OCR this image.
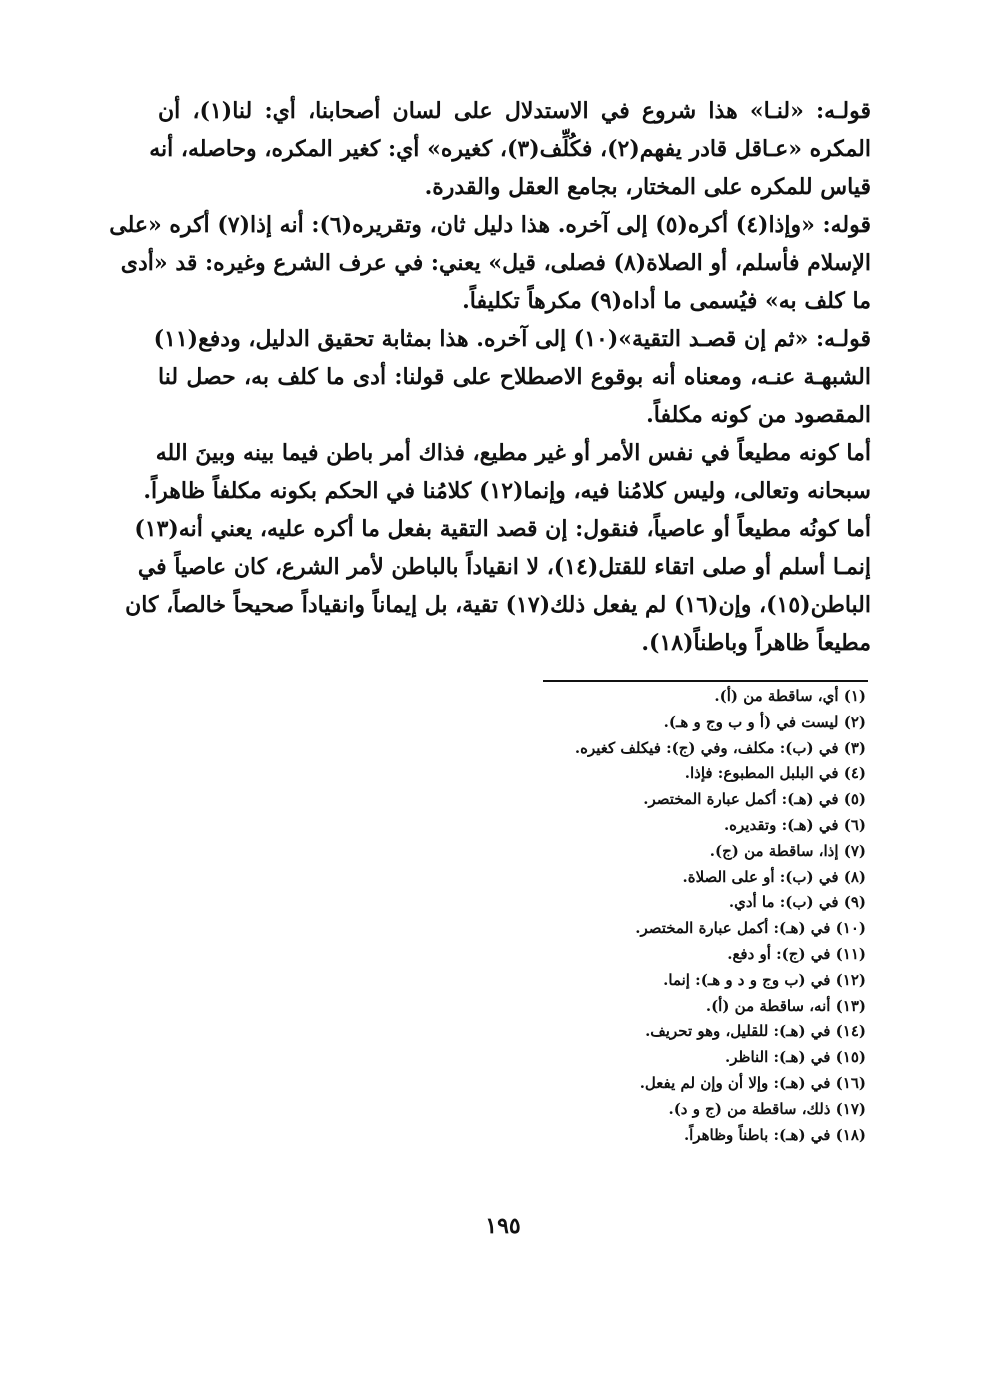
قولـه: «لنـا» هذا شروع في الاستدلال على لسان أصحابنا، أي: لنا(١)، أن
المكره «عـاقل قادر يفهم(٢)، فكُلِّف(٣)، كغيره» أي: كغير المكره، وحاصله، أنه
قياس للمكره على المختار، بجامع العقل والقدرة.
قوله: «وإذا(٤) أكره(٥) إلى آخره. هذا دليل ثان، وتقريره(٦): أنه إذا(٧) أكره «على
الإسلام فأسلم، أو الصلاة(٨) فصلى، قيل» يعني: في عرف الشرع وغيره: قد «أدى
ما كلف به» فيُسمى ما أداه(٩) مكرهاً تكليفاً.
قولـه: «ثم إن قصـد التقية»(١٠) إلى آخره. هذا بمثابة تحقيق الدليل، ودفع(١١)
الشبهـة عنـه، ومعناه أنه بوقوع الاصطلاح على قولنا: أدى ما كلف به، حصل لنا
المقصود من كونه مكلفاً.
أما كونه مطيعاً في نفس الأمر أو غير مطيع، فذاك أمر باطن فيما بينه وبينَ الله
سبحانه وتعالى، وليس كلامُنا فيه، وإنما(١٢) كلامُنا في الحكم بكونه مكلفاً ظاهراً.
أما كونُه مطيعاً أو عاصياً، فنقول: إن قصد التقية بفعل ما أكره عليه، يعني أنه(١٣)
إنمـا أسلم أو صلى اتقاء للقتل(١٤)، لا انقياداً بالباطن لأمر الشرع، كان عاصياً في
الباطن(١٥)، وإن(١٦) لم يفعل ذلك(١٧) تقية، بل إيماناً وانقياداً صحيحاً خالصاً، كان
مطيعاً ظاهراً وباطناً(١٨).
(١) أي، ساقطة من (أ).
(٢) ليست في (أ و ب وج و هـ).
(٣) في (ب): مكلف، وفي (ج): فيكلف كغيره.
(٤) في البلبل المطبوع: فإذا.
(٥) في (هـ): أكمل عبارة المختصر.
(٦) في (هـ): وتقديره.
(٧) إذا، ساقطة من (ج).
(٨) في (ب): أو على الصلاة.
(٩) في (ب): ما أدي.
(١٠) في (هـ): أكمل عبارة المختصر.
(١١) في (ج): أو دفع.
(١٢) في (ب وج و د و هـ): إنما.
(١٣) أنه، ساقطة من (أ).
(١٤) في (هـ): للقليل، وهو تحريف.
(١٥) في (هـ): الناظر.
(١٦) في (هـ): وإلا أن وإن لم يفعل.
(١٧) ذلك، ساقطة من (ج و د).
(١٨) في (هـ): باطناً وظاهراً.
١٩٥
